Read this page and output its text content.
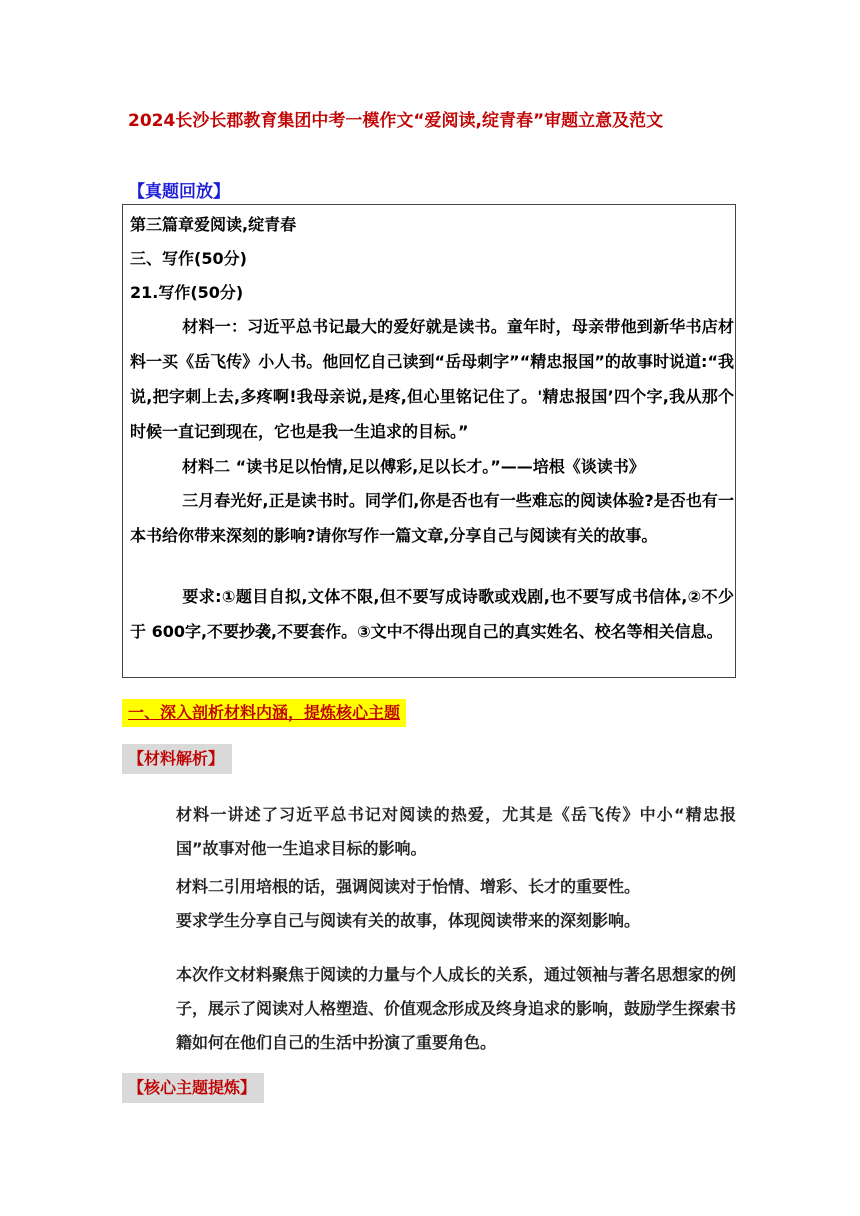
2024长沙长郡教育集团中考一模作文“爱阅读,绽青春”审题立意及范文
【真题回放】
第三篇章爱阅读,绽青春
三、写作(50分)
21.写作(50分)
材料一：习近平总书记最大的爱好就是读书。童年时，母亲带他到新华书店材料一买《岳飞传》小人书。他回忆自己读到“岳母刺字”“精忠报国”的故事时说道:“我说,把字刺上去,多疼啊!我母亲说,是疼,但心里铭记住了。'精忠报国’四个字,我从那个时候一直记到现在，它也是我一生追求的目标。”
材料二 “读书足以怡情,足以傅彩,足以长才。”——培根《谈读书》
三月春光好,正是读书时。同学们,你是否也有一些难忘的阅读体验?是否也有一本书给你带来深刻的影响?请你写作一篇文章,分享自己与阅读有关的故事。
要求:①题目自拟,文体不限,但不要写成诗歌或戏剧,也不要写成书信体,②不少于 600字,不要抄袭,不要套作。③文中不得出现自己的真实姓名、校名等相关信息。
一、深入剖析材料内涵，提炼核心主题
【材料解析】
材料一讲述了习近平总书记对阅读的热爱，尤其是《岳飞传》中小“精忠报国”故事对他一生追求目标的影响。
材料二引用培根的话，强调阅读对于怡情、增彩、长才的重要性。
要求学生分享自己与阅读有关的故事，体现阅读带来的深刻影响。
本次作文材料聚焦于阅读的力量与个人成长的关系，通过领袖与著名思想家的例子，展示了阅读对人格塑造、价值观念形成及终身追求的影响，鼓励学生探索书籍如何在他们自己的生活中扮演了重要角色。
【核心主题提炼】
